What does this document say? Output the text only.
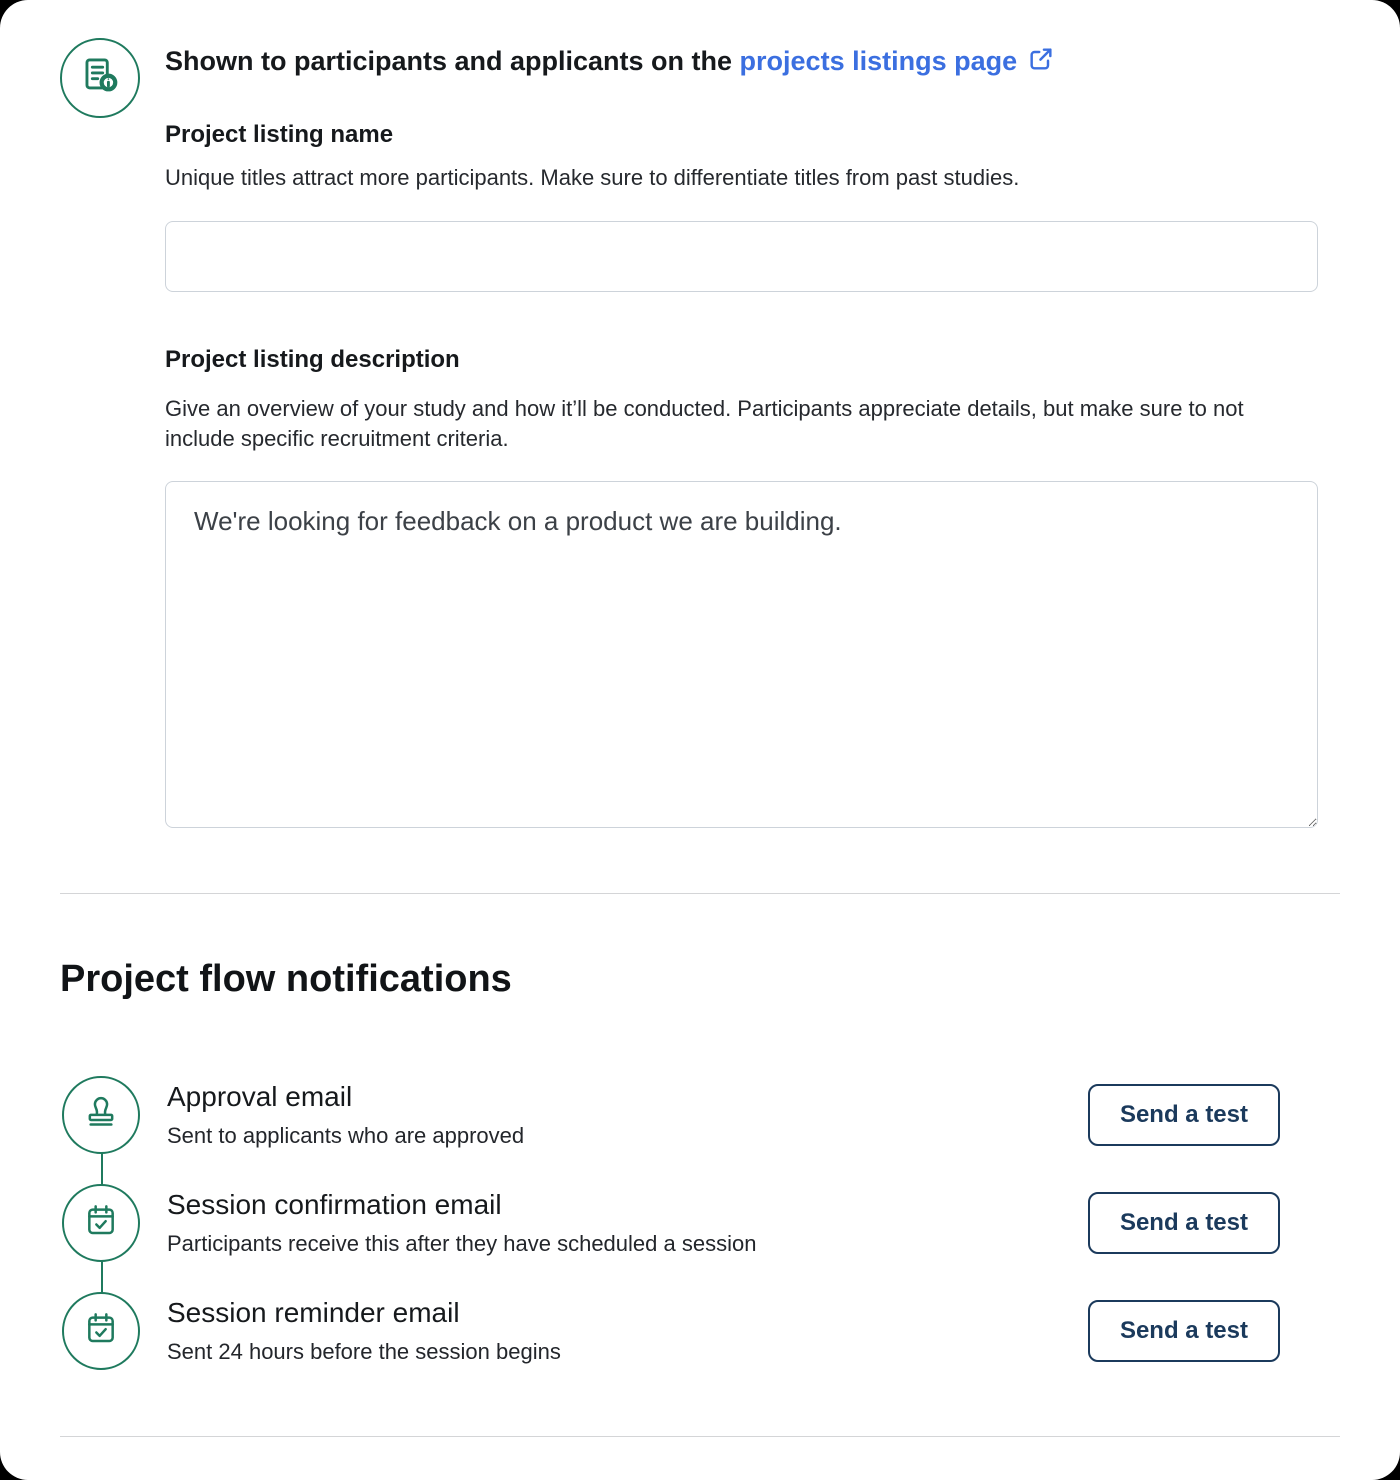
Shown to participants and applicants on the projects listings page
Project listing name
Unique titles attract more participants. Make sure to differentiate titles from past studies.
Project listing description
Give an overview of your study and how it’ll be conducted. Participants appreciate details, but make sure to not include specific recruitment criteria.
We're looking for feedback on a product we are building.
Project flow notifications
Approval email
Sent to applicants who are approved
Send a test
Session confirmation email
Participants receive this after they have scheduled a session
Send a test
Session reminder email
Sent 24 hours before the session begins
Send a test
